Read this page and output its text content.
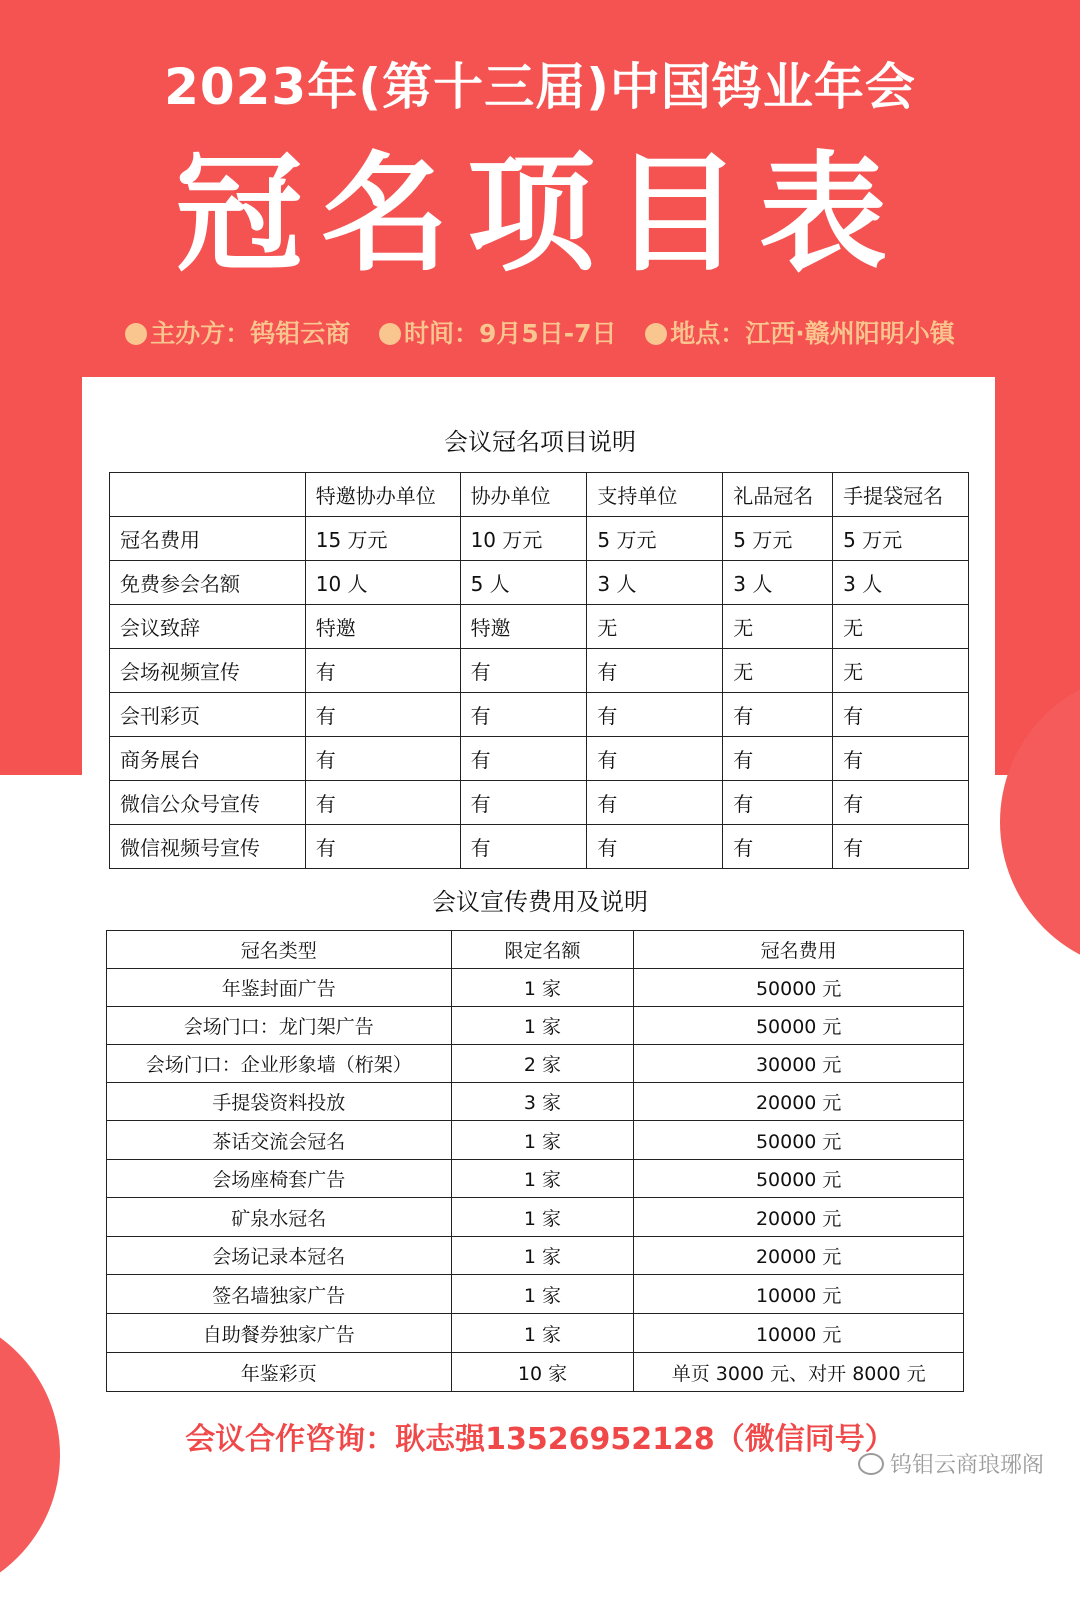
2023年(第十三届)中国钨业年会
冠名项目表
主办方：钨钼云商 时间：9月5日-7日 地点：江西·赣州阳明小镇
会议冠名项目说明
	特邀协办单位	协办单位	支持单位	礼品冠名	手提袋冠名
冠名费用	15 万元	10 万元	5 万元	5 万元	5 万元
免费参会名额	10 人	5 人	3 人	3 人	3 人
会议致辞	特邀	特邀	无	无	无
会场视频宣传	有	有	有	无	无
会刊彩页	有	有	有	有	有
商务展台	有	有	有	有	有
微信公众号宣传	有	有	有	有	有
微信视频号宣传	有	有	有	有	有
会议宣传费用及说明
冠名类型	限定名额	冠名费用
年鉴封面广告	1 家	50000 元
会场门口：龙门架广告	1 家	50000 元
会场门口：企业形象墙（桁架）	2 家	30000 元
手提袋资料投放	3 家	20000 元
茶话交流会冠名	1 家	50000 元
会场座椅套广告	1 家	50000 元
矿泉水冠名	1 家	20000 元
会场记录本冠名	1 家	20000 元
签名墙独家广告	1 家	10000 元
自助餐券独家广告	1 家	10000 元
年鉴彩页	10 家	单页 3000 元、对开 8000 元
会议合作咨询：耿志强13526952128（微信同号）
钨钼云商琅琊阁
